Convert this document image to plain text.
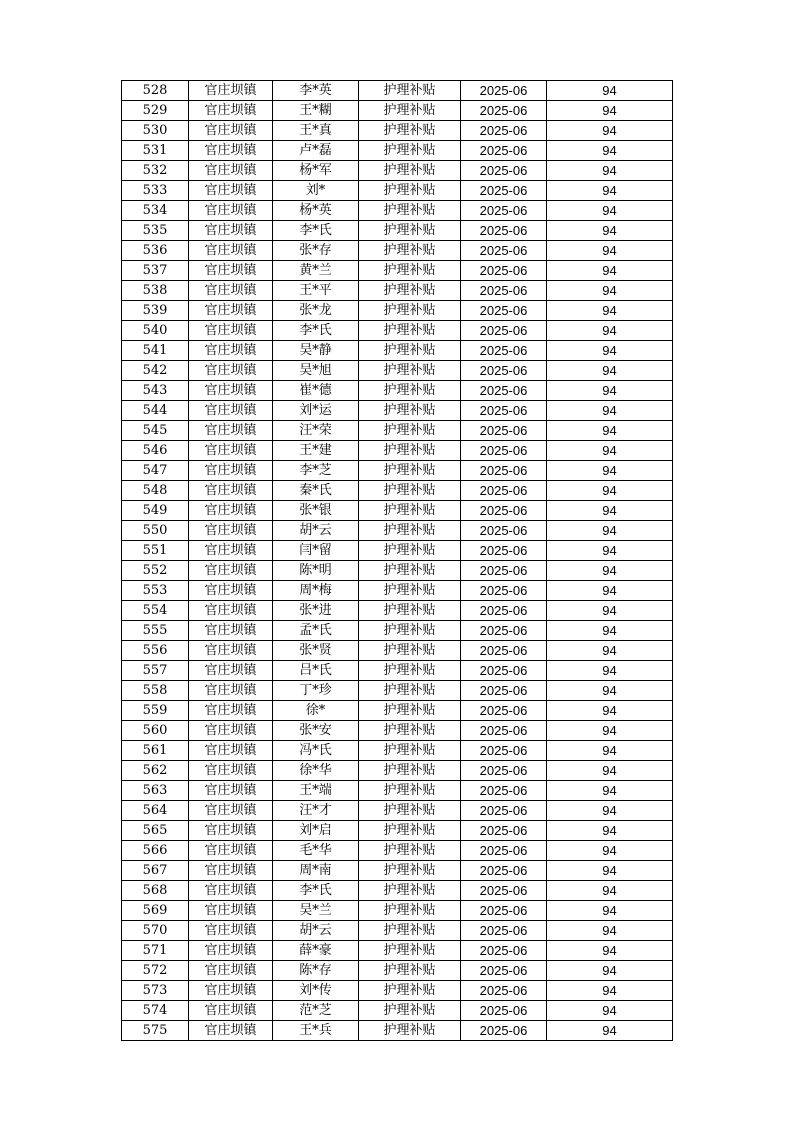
528	官庄坝镇	李*英	护理补贴	2025-06	94
529	官庄坝镇	王*糊	护理补贴	2025-06	94
530	官庄坝镇	王*真	护理补贴	2025-06	94
531	官庄坝镇	卢*磊	护理补贴	2025-06	94
532	官庄坝镇	杨*军	护理补贴	2025-06	94
533	官庄坝镇	刘*	护理补贴	2025-06	94
534	官庄坝镇	杨*英	护理补贴	2025-06	94
535	官庄坝镇	李*氏	护理补贴	2025-06	94
536	官庄坝镇	张*存	护理补贴	2025-06	94
537	官庄坝镇	黄*兰	护理补贴	2025-06	94
538	官庄坝镇	王*平	护理补贴	2025-06	94
539	官庄坝镇	张*龙	护理补贴	2025-06	94
540	官庄坝镇	李*氏	护理补贴	2025-06	94
541	官庄坝镇	吴*静	护理补贴	2025-06	94
542	官庄坝镇	吴*旭	护理补贴	2025-06	94
543	官庄坝镇	崔*德	护理补贴	2025-06	94
544	官庄坝镇	刘*运	护理补贴	2025-06	94
545	官庄坝镇	汪*荣	护理补贴	2025-06	94
546	官庄坝镇	王*建	护理补贴	2025-06	94
547	官庄坝镇	李*芝	护理补贴	2025-06	94
548	官庄坝镇	秦*氏	护理补贴	2025-06	94
549	官庄坝镇	张*银	护理补贴	2025-06	94
550	官庄坝镇	胡*云	护理补贴	2025-06	94
551	官庄坝镇	闫*留	护理补贴	2025-06	94
552	官庄坝镇	陈*明	护理补贴	2025-06	94
553	官庄坝镇	周*梅	护理补贴	2025-06	94
554	官庄坝镇	张*进	护理补贴	2025-06	94
555	官庄坝镇	孟*氏	护理补贴	2025-06	94
556	官庄坝镇	张*贤	护理补贴	2025-06	94
557	官庄坝镇	吕*氏	护理补贴	2025-06	94
558	官庄坝镇	丁*珍	护理补贴	2025-06	94
559	官庄坝镇	徐*	护理补贴	2025-06	94
560	官庄坝镇	张*安	护理补贴	2025-06	94
561	官庄坝镇	冯*氏	护理补贴	2025-06	94
562	官庄坝镇	徐*华	护理补贴	2025-06	94
563	官庄坝镇	王*端	护理补贴	2025-06	94
564	官庄坝镇	汪*才	护理补贴	2025-06	94
565	官庄坝镇	刘*启	护理补贴	2025-06	94
566	官庄坝镇	毛*华	护理补贴	2025-06	94
567	官庄坝镇	周*南	护理补贴	2025-06	94
568	官庄坝镇	李*氏	护理补贴	2025-06	94
569	官庄坝镇	吴*兰	护理补贴	2025-06	94
570	官庄坝镇	胡*云	护理补贴	2025-06	94
571	官庄坝镇	薛*豪	护理补贴	2025-06	94
572	官庄坝镇	陈*存	护理补贴	2025-06	94
573	官庄坝镇	刘*传	护理补贴	2025-06	94
574	官庄坝镇	范*芝	护理补贴	2025-06	94
575	官庄坝镇	王*兵	护理补贴	2025-06	94
